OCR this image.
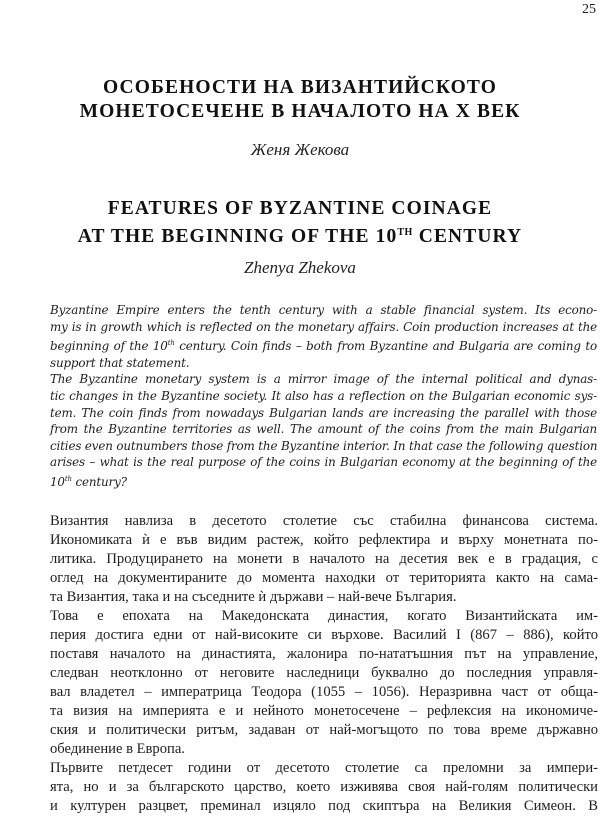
25

ОСОБЕНОСТИ НА ВИЗАНТИЙСКОТО

МОНЕТОСЕЧЕНЕ В НАЧАЛОТО НА Х ВЕК

Женя Жекова

FEATURES OF BYZANTINE COINAGE

AT THE BEGINNING OF THE 10TH CENTURY

Zhenya Zhekova

Byzantine Empire enters the tenth century with a stable financial system. Its econo-
my is in growth which is reflected on the monetary affairs. Coin production increases at the
beginning of the 10th century. Coin finds – both from Byzantine and Bulgaria are coming to
support that statement.

The Byzantine monetary system is a mirror image of the internal political and dynas-
tic changes in the Byzantine society. It also has a reflection on the Bulgarian economic sys-
tem. The coin finds from nowadays Bulgarian lands are increasing the parallel with those
from the Byzantine territories as well. The amount of the coins from the main Bulgarian
cities even outnumbers those from the Byzantine interior. In that case the following question
arises – what is the real purpose of the coins in Bulgarian economy at the beginning of the
10th century?

Византия навлиза в десетото столетие със стабилна финансова система.
Икономиката ѝ е във видим растеж, който рефлектира и върху монетната по-
литика. Продуцирането на монети в началото на десетия век е в градация, с
оглед на документираните до момента находки от територията както на сама-
та Византия, така и на съседните ѝ държави – най-вече България.

Това е епохата на Македонската династия, когато Византийската им-
перия достига едни от най-високите си върхове. Василий I (867 – 886), който
поставя началото на династията, жалонира по-нататъшния път на управление,
следван неотклонно от неговите наследници буквално до последния управля-
вал владетел – императрица Теодора (1055 – 1056). Неразривна част от обща-
та визия на империята е и нейното монетосечене – рефлексия на икономиче-
ския и политически ритъм, задаван от най-могъщото по това време държавно
обединение в Европа.

Първите петдесет години от десетото столетие са преломни за импери-
ята, но и за българското царство, което изживява своя най-голям политически
и културен разцвет, преминал изцяло под скиптъра на Великия Симеон. В
